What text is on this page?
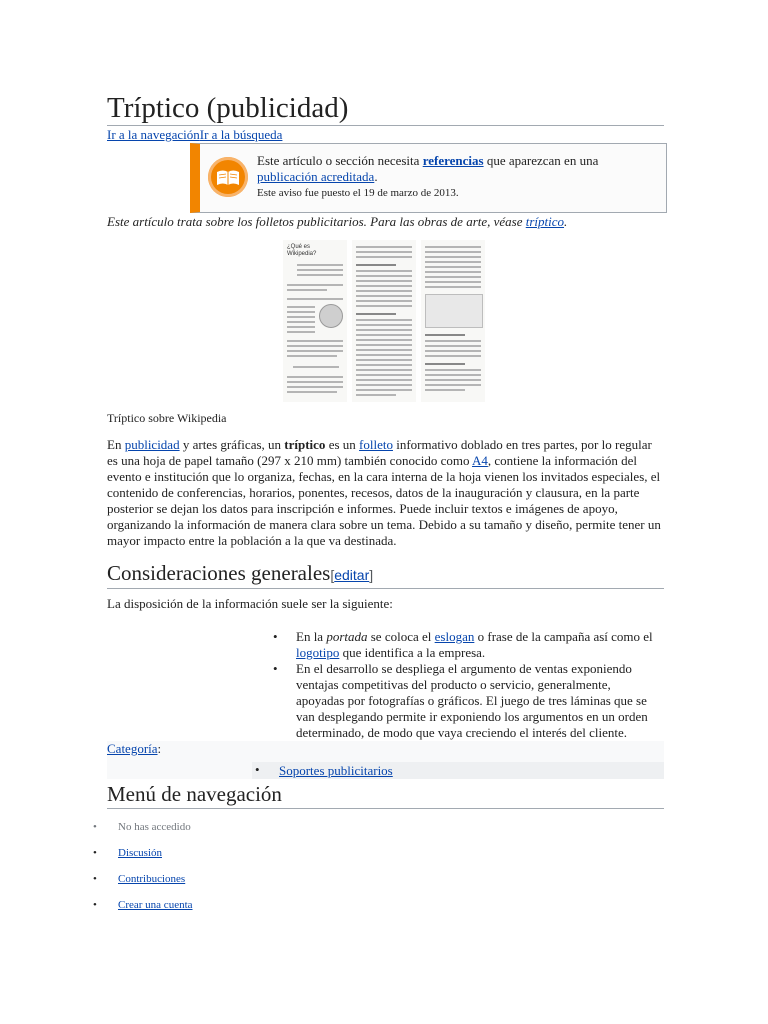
Tríptico (publicidad)
Ir a la navegaciónIr a la búsqueda
Este artículo o sección necesita referencias que aparezcan en una publicación acreditada.
Este aviso fue puesto el 19 de marzo de 2013.
Este artículo trata sobre los folletos publicitarios. Para las obras de arte, véase tríptico.
¿Qué es Wikipedia?
Tríptico sobre Wikipedia

En publicidad y artes gráficas, un tríptico es un folleto informativo doblado en tres partes, por lo regular es una hoja de papel tamaño (297 x 210 mm) también conocido como A4, contiene la información del evento e institución que lo organiza, fechas, en la cara interna de la hoja vienen los invitados especiales, el contenido de conferencias, horarios, ponentes, recesos, datos de la inauguración y clausura, en la parte posterior se dejan los datos para inscripción e informes. Puede incluir textos e imágenes de apoyo, organizando la información de manera clara sobre un tema. Debido a su tamaño y diseño, permite tener un mayor impacto entre la población a la que va destinada.

Consideraciones generales[editar]
La disposición de la información suele ser la siguiente:
• En la portada se coloca el eslogan o frase de la campaña así como el logotipo que identifica a la empresa.
• En el desarrollo se despliega el argumento de ventas exponiendo ventajas competitivas del producto o servicio, generalmente, apoyadas por fotografías o gráficos. El juego de tres láminas que se van desplegando permite ir exponiendo los argumentos en un orden determinado, de modo que vaya creciendo el interés del cliente.
Categoría:
• Soportes publicitarios
Menú de navegación
• No has accedido
• Discusión
• Contribuciones
• Crear una cuenta
